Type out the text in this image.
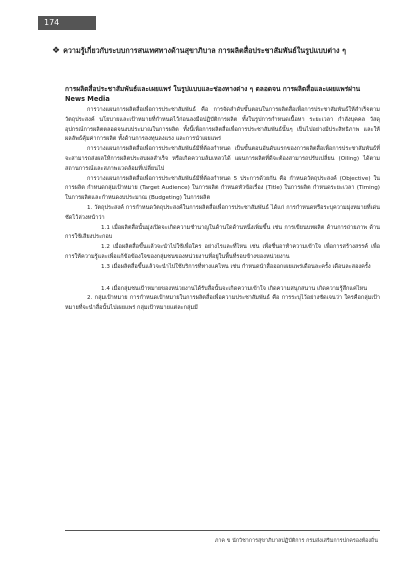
174
❖ ความรู้เกี่ยวกับระบบการสนเทศทางด้านสุขาภิบาล การผลิตสื่อประชาสัมพันธ์ในรูปแบบต่าง ๆ
การผลิตสื่อประชาสัมพันธ์และเผยแพร่ ในรูปแบบและช่องทางต่าง ๆ ตลอดจน การผลิตสื่อและเผยแพร่ผ่าน News Media

การวางแผนการผลิตสื่อเพื่อการประชาสัมพันธ์ คือ การจัดลำดับขั้นตอนในการผลิตสื่อเพื่อการประชาสัมพันธ์ให้สำเร็จตามวัตถุประสงค์ นโยบายและเป้าหมายที่กำหนดไว้ก่อนลงมือปฏิบัติการผลิต ทั้งในรูปการกำหนดเนื้อหา ระยะเวลา กำลังบุคคล วัสดุอุปกรณ์การผลิตตลอดจนงบประมาณในการผลิต ทั้งนี้เพื่อการผลิตสื่อเพื่อการประชาสัมพันธ์นั้นๆ เป็นไปอย่างมีประสิทธิภาพ และให้ผลลัพธ์คุ้มค่าการผลิต ทั้งด้านการลงทุนลงแรง และการนำเผยแพร่

การวางแผนการผลิตสื่อเพื่อการประชาสัมพันธ์มีที่ต้องกำหนด เป็นขั้นตอนอันดับแรกของการผลิตสื่อเพื่อการประชาสัมพันธ์ที่จะสามารถส่งผลให้การผลิตประสบผลสำเร็จ หรือเกิดความล้มเหลวได้ แผนการผลิตที่ดีจะต้องสามารถปรับเปลี่ยน (Oiling) ได้ตามสถานการณ์และสภาพแวดล้อมที่เปลี่ยนไป

การวางแผนการผลิตสื่อเพื่อการประชาสัมพันธ์มีที่ต้องกำหนด 5 ประการด้วยกัน คือ กำหนดวัตถุประสงค์ (Objective) ในการผลิต กำหนดกลุ่มเป้าหมาย (Target Audience) ในการผลิต กำหนดหัวข้อเรื่อง (Title) ในการผลิต กำหนดระยะเวลา (Timing) ในการผลิตและกำหนดงบประมาณ (Budgeting) ในการผลิต

1. วัตถุประสงค์ การกำหนดวัตถุประสงค์ในการผลิตสื่อเพื่อการประชาสัมพันธ์ ได้แก่ การกำหนดหรือระบุความมุ่งหมายที่เด่นชัดไว้ล่วงหน้าว่า

1.1 เมื่อผลิตสื่อนั้นมุ่งเปิดจะเกิดความชำนาญในด้านใดด้านหนึ่งเพิ่มขึ้น เช่น การเขียนบทผลิต ด้านการถ่ายภาพ ด้านการใช้เสียงประกอบ

1.2 เมื่อผลิตสื่อขึ้นแล้วจะนำไปใช้เพื่อใคร อย่างไรและที่ไหน เช่น เพื่อชื่นอาท้าความเข้าใจ เพื่อการสร้างสรรค์ เพื่อการให้ความรู้และเพื่อแก้ข้อข้องใจของกลุ่มชนของหน่วยงานที่อยู่ในพื้นที่รอบข้างของหน่วยงาน

1.3 เมื่อผลิตสื่อขึ้นแล้วจะนำไปใช้บริการที่ทางแคไหน เช่น กำหนดนำสื่อออกเผยแพร่เดือนละครั้ง เดือนละสองครั้ง

1.4 เมื่อกลุ่มชนเป้าหมายของหน่วยงานได้รับสื่อนั้นจะเกิดความเข้าใจ เกิดความสนุกสนาน เกิดความรู้สึกแค่ไหน

2. กลุ่มเป้าหมาย การกำหนดเป้าหมายในการผลิตสื่อเพื่อความประชาสัมพันธ์ คือ การระบุไว้อย่างชัดเจนว่า ใครคือกลุ่มเป้าหมายที่จะนำสื่อนั้นไปเผยแพร่ กลุ่มเป้าหมายแต่ละกลุ่มมี

ภาค ข นักวิชาการสุขาภิบาลปฏิบัติการ กรมส่งเสริมการปกครองท้องถิ่น
